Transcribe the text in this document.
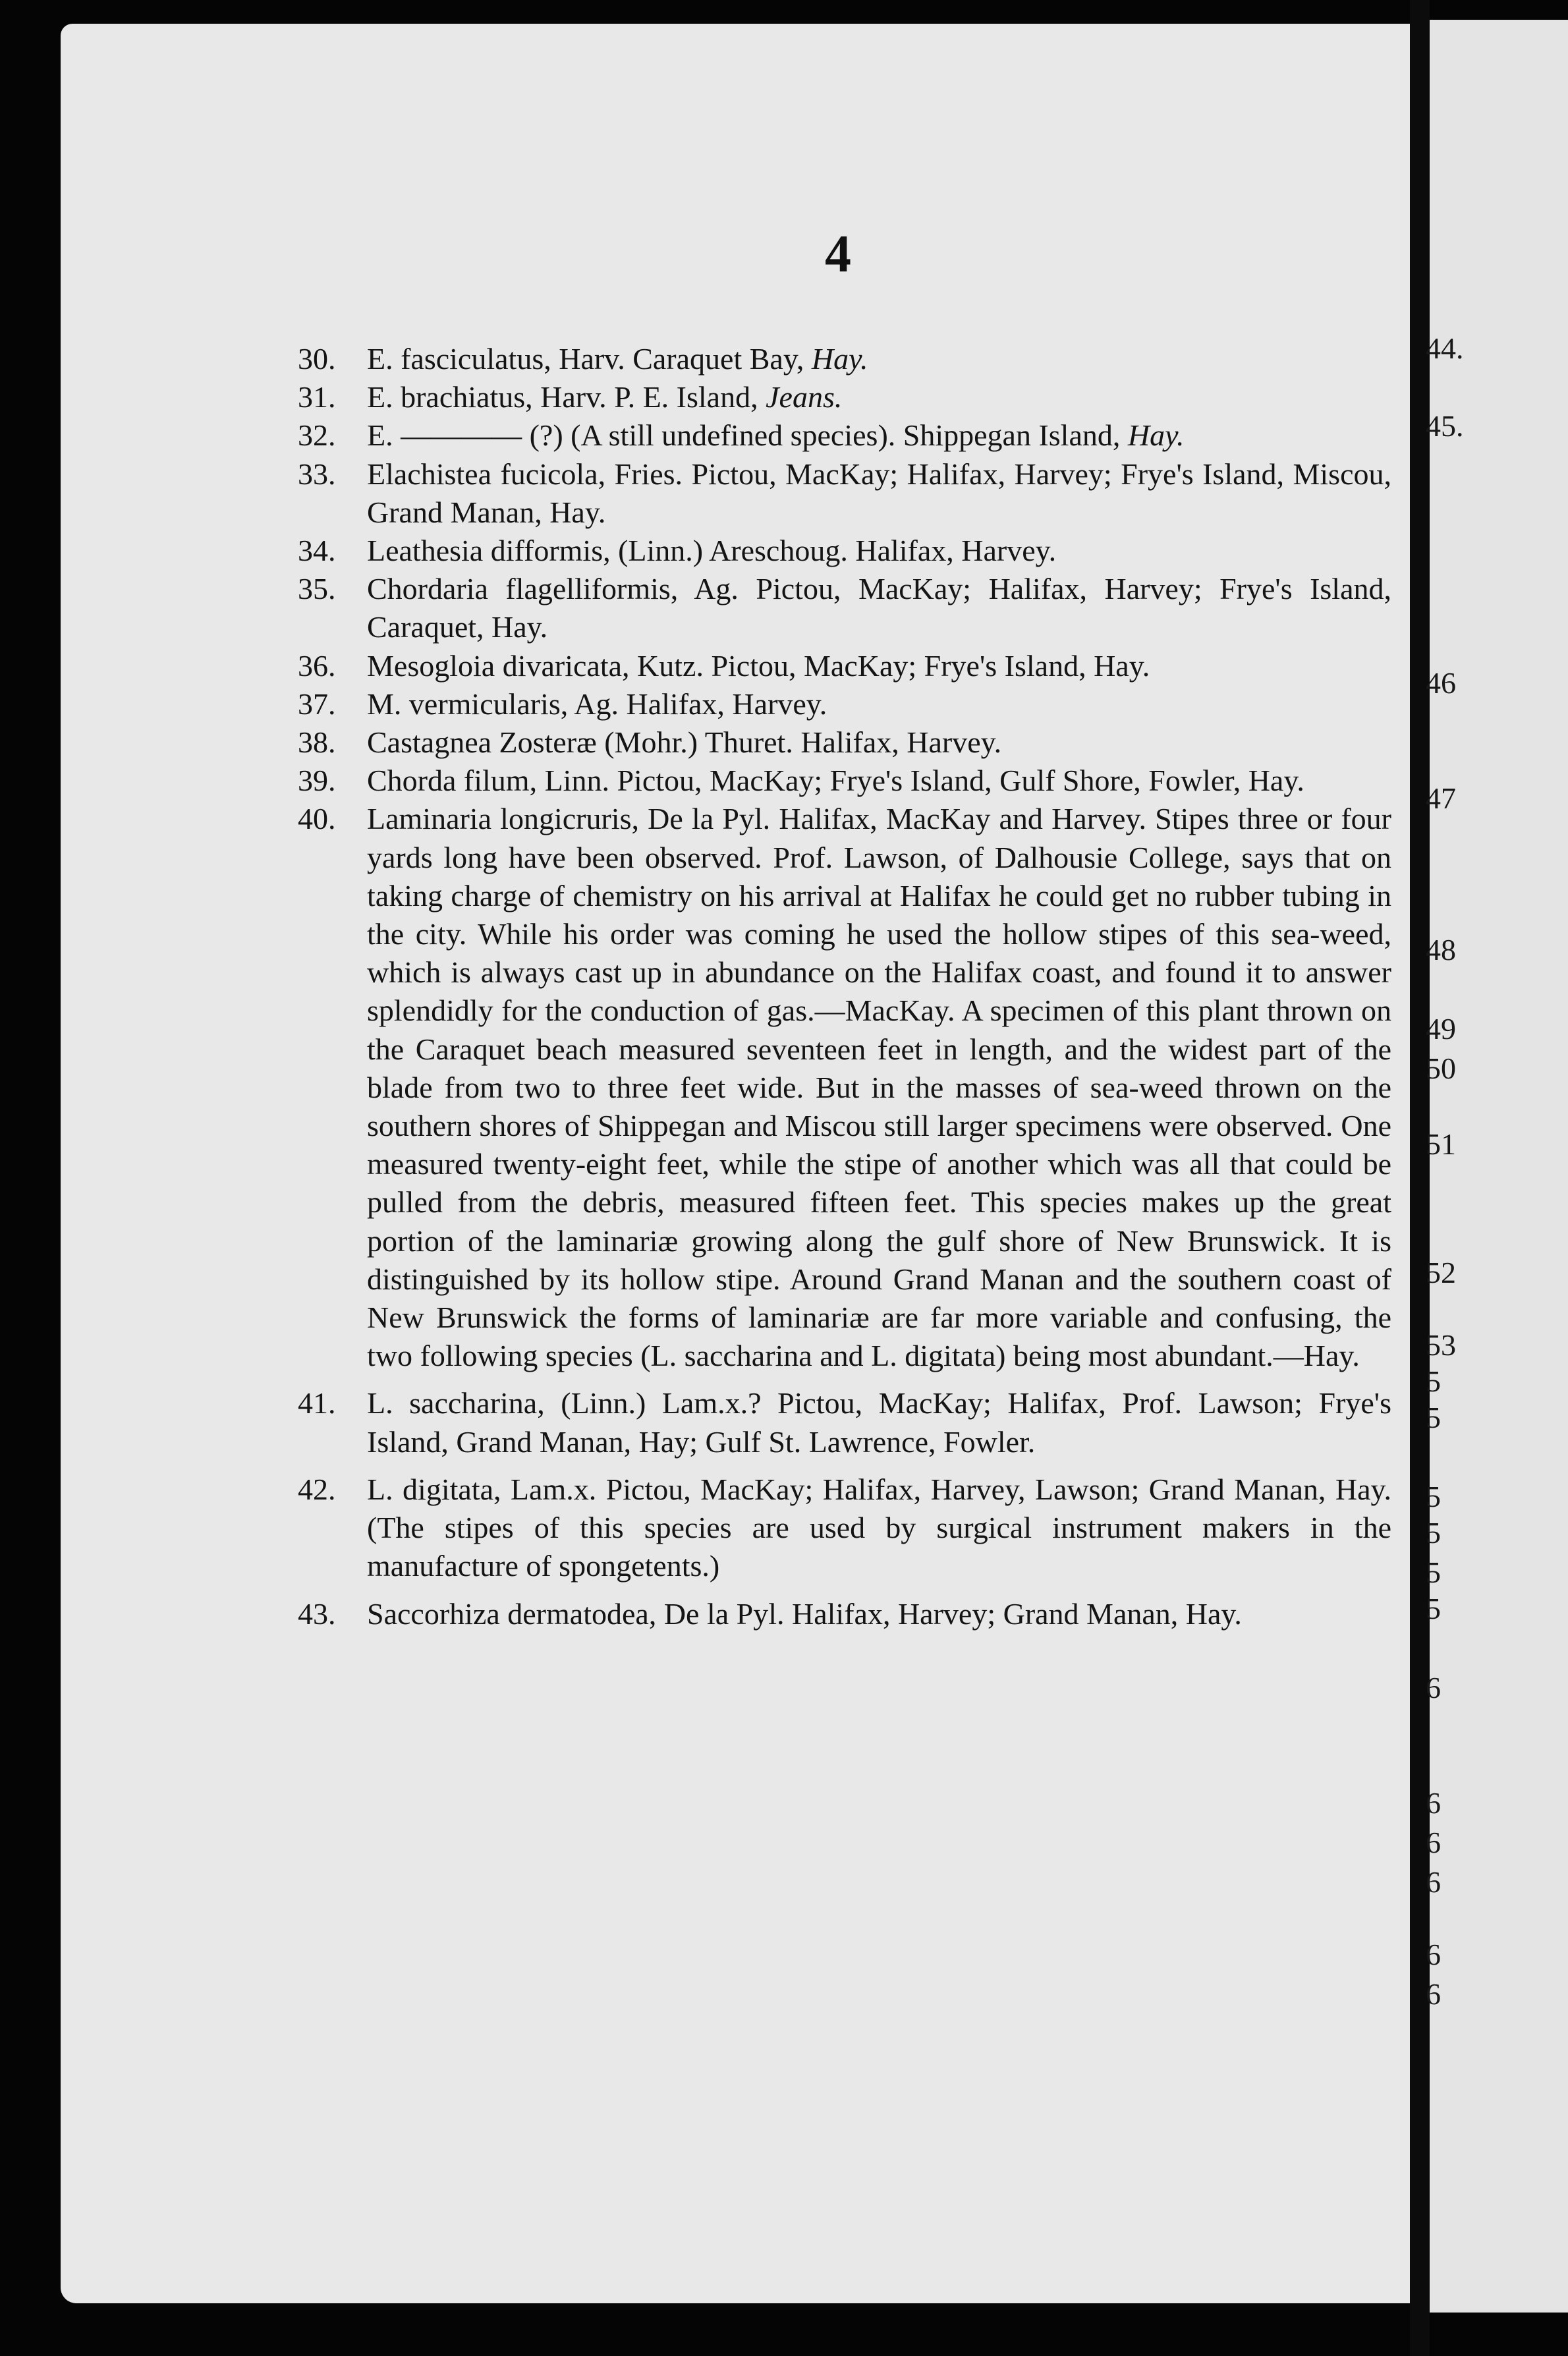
4
30. E. fasciculatus, Harv. Caraquet Bay, Hay.
31. E. brachiatus, Harv. P. E. Island, Jeans.
32. E. ———— (?) (A still undefined species). Shippegan Island, Hay.
33. Elachistea fucicola, Fries. Pictou, MacKay; Halifax, Harvey; Frye's Island, Miscou, Grand Manan, Hay.
34. Leathesia difformis, (Linn.) Areschoug. Halifax, Harvey.
35. Chordaria flagelliformis, Ag. Pictou, MacKay; Halifax, Harvey; Frye's Island, Caraquet, Hay.
36. Mesogloia divaricata, Kutz. Pictou, MacKay; Frye's Island, Hay.
37. M. vermicularis, Ag. Halifax, Harvey.
38. Castagnea Zosteræ (Mohr.) Thuret. Halifax, Harvey.
39. Chorda filum, Linn. Pictou, MacKay; Frye's Island, Gulf Shore, Fowler, Hay.
40. Laminaria longicruris, De la Pyl. Halifax, MacKay and Harvey. Stipes three or four yards long have been observed. Prof. Lawson, of Dalhousie College, says that on taking charge of chemistry on his arrival at Halifax he could get no rubber tubing in the city. While his order was coming he used the hollow stipes of this sea-weed, which is always cast up in abundance on the Halifax coast, and found it to answer splendidly for the conduction of gas.—MacKay. A specimen of this plant thrown on the Caraquet beach measured seventeen feet in length, and the widest part of the blade from two to three feet wide. But in the masses of sea-weed thrown on the southern shores of Shippegan and Miscou still larger specimens were observed. One measured twenty-eight feet, while the stipe of another which was all that could be pulled from the debris, measured fifteen feet. This species makes up the great portion of the laminariæ growing along the gulf shore of New Brunswick. It is distinguished by its hollow stipe. Around Grand Manan and the southern coast of New Brunswick the forms of laminariæ are far more variable and confusing, the two following species (L. saccharina and L. digitata) being most abundant.—Hay.
41. L. saccharina, (Linn.) Lam.x.? Pictou, MacKay; Halifax, Prof. Lawson; Frye's Island, Grand Manan, Hay; Gulf St. Lawrence, Fowler.
42. L. digitata, Lam.x. Pictou, MacKay; Halifax, Harvey, Lawson; Grand Manan, Hay. (The stipes of this species are used by surgical instrument makers in the manufacture of spongetents.)
43. Saccorhiza dermatodea, De la Pyl. Halifax, Harvey; Grand Manan, Hay.
44.
45.
46
47
48
49
50
51
52
53
5
5
5
5
5
5
6
6
6
6
6
6
